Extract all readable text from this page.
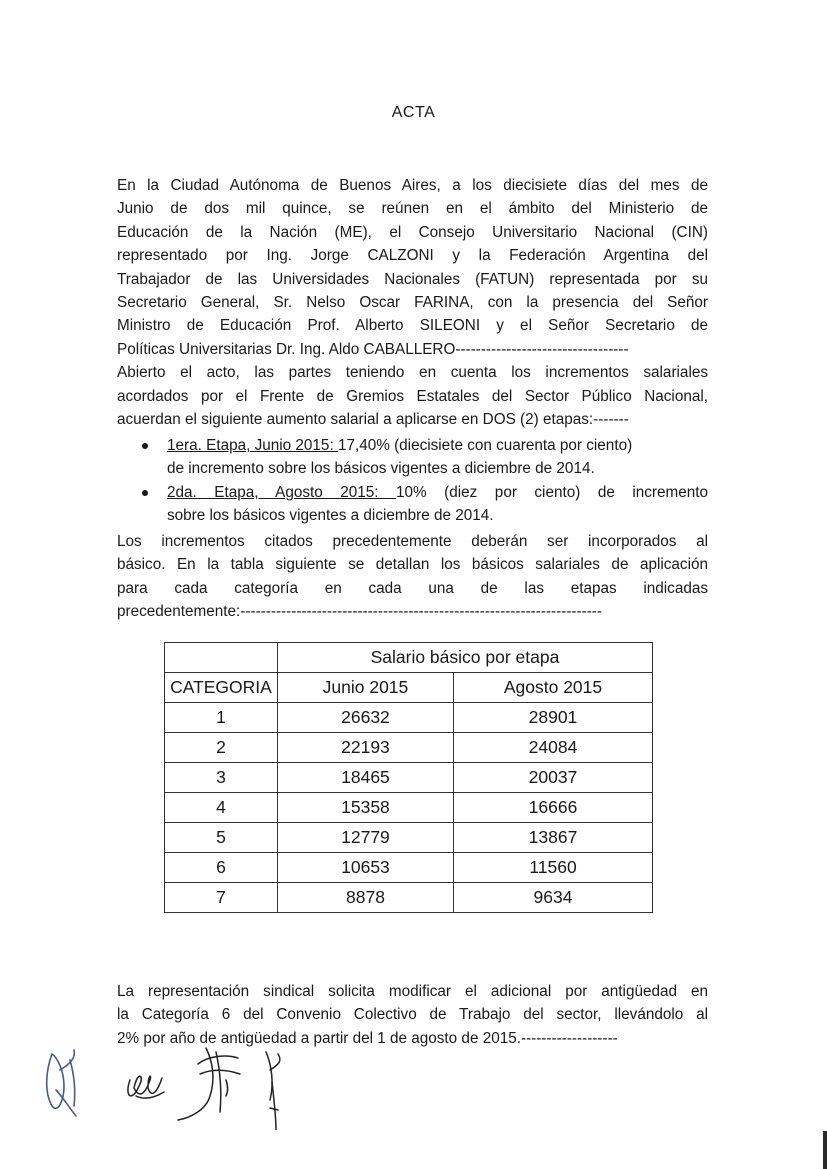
ACTA
En la Ciudad Autónoma de Buenos Aires, a los diecisiete días del mes de
Junio de dos mil quince, se reúnen en el ámbito del Ministerio de
Educación de la Nación (ME), el Consejo Universitario Nacional (CIN)
representado por Ing. Jorge CALZONI y la Federación Argentina del
Trabajador de las Universidades Nacionales (FATUN) representada por su
Secretario General, Sr. Nelso Oscar FARINA, con la presencia del Señor
Ministro de Educación Prof. Alberto SILEONI y el Señor Secretario de
Políticas Universitarias Dr. Ing. Aldo CABALLERO----------------------------------
Abierto el acto, las partes teniendo en cuenta los incrementos salariales
acordados por el Frente de Gremios Estatales del Sector Público Nacional,
acuerdan el siguiente aumento salarial a aplicarse en DOS (2) etapas:-------
1era. Etapa, Junio 2015: 17,40% (diecisiete con cuarenta por ciento)
de incremento sobre los básicos vigentes a diciembre de 2014.
2da. Etapa, Agosto 2015: 10% (diez por ciento) de incremento
sobre los básicos vigentes a diciembre de 2014.
Los incrementos citados precedentemente deberán ser incorporados al
básico. En la tabla siguiente se detallan los básicos salariales de aplicación
para cada categoría en cada una de las etapas indicadas
precedentemente:-----------------------------------------------------------------------
	Salario básico por etapa	
CATEGORIA	Junio 2015	Agosto 2015
1	26632	28901
2	22193	24084
3	18465	20037
4	15358	16666
5	12779	13867
6	10653	11560
7	8878	9634
La representación sindical solicita modificar el adicional por antigüedad en
la Categoría 6 del Convenio Colectivo de Trabajo del sector, llevándolo al
2% por año de antigüedad a partir del 1 de agosto de 2015.-------------------
